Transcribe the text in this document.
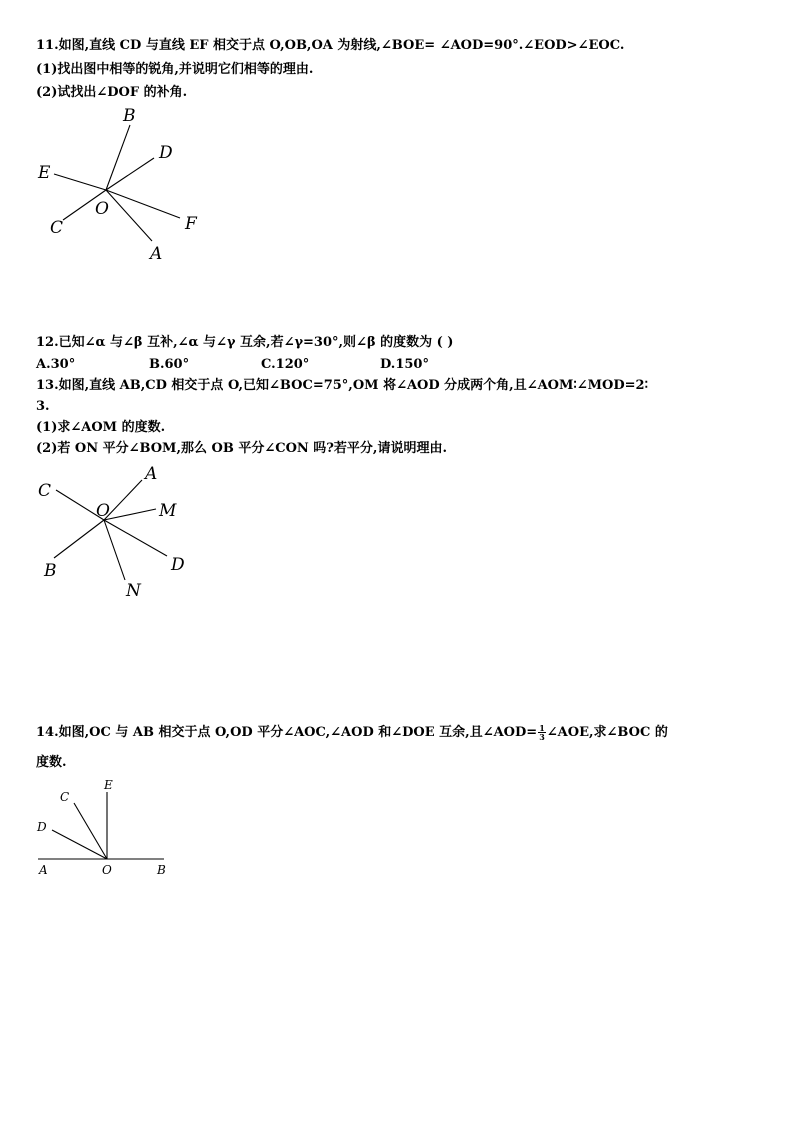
11.如图,直线 CD 与直线 EF 相交于点 O,OB,OA 为射线,∠BOE= ∠AOD=90°.∠EOD>∠EOC.
(1)找出图中相等的锐角,并说明它们相等的理由.
(2)试找出∠DOF 的补角.
B
D
E
O
F
C
A
12.已知∠α 与∠β 互补,∠α 与∠γ 互余,若∠γ=30°,则∠β 的度数为 ( )
A.30°	B.60°	C.120°	D.150°
13.如图,直线 AB,CD 相交于点 O,已知∠BOC=75°,OM 将∠AOD 分成两个角,且∠AOM∶∠MOD=2∶
3.
(1)求∠AOM 的度数.
(2)若 ON 平分∠BOM,那么 OB 平分∠CON 吗?若平分,请说明理由.
C
A
O	M
B	D
N
14.如图,OC 与 AB 相交于点 O,OD 平分∠AOC,∠AOD 和∠DOE 互余,且∠AOD= $\frac{1}{3}$ ∠AOE,求∠BOC 的
度数.
E
C
D
A	O	B
